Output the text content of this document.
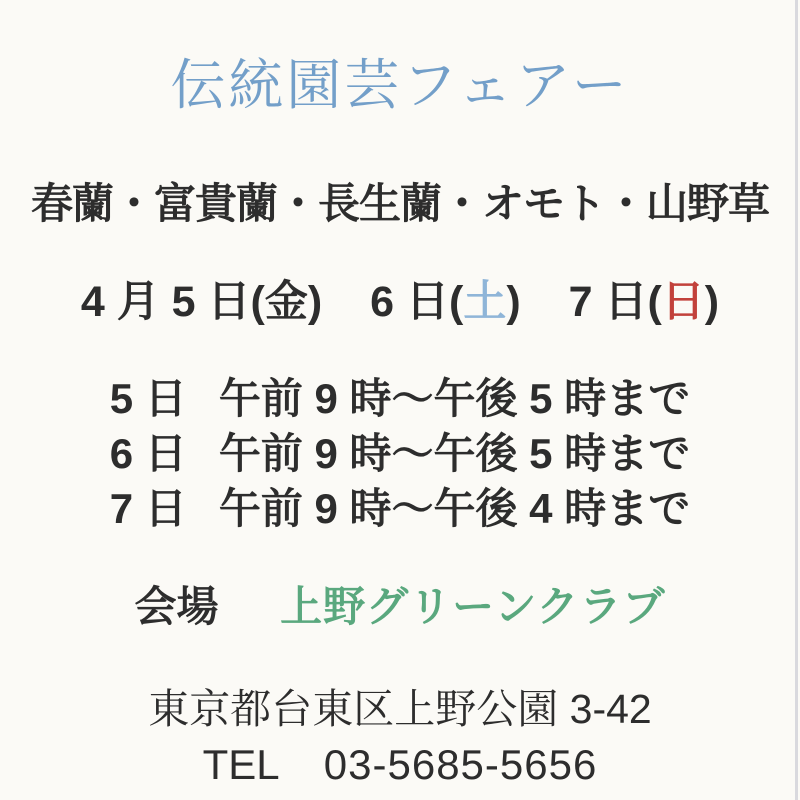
伝統園芸フェアー
春蘭・富貴蘭・長生蘭・オモト・山野草
4 月 5 日(金) 6 日(土) 7 日(日)
5 日 午前 9 時～午後 5 時まで
6 日 午前 9 時～午後 5 時まで
7 日 午前 9 時～午後 4 時まで
会場 上野グリーンクラブ
東京都台東区上野公園 3-42
TEL 03-5685-5656
